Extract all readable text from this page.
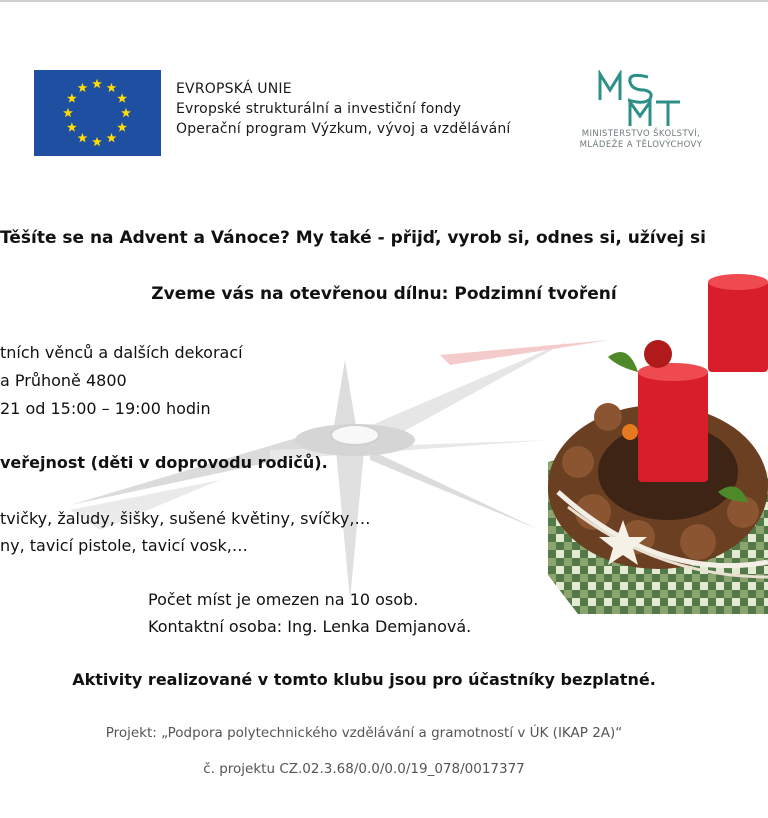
EVROPSKÁ UNIE
Evropské strukturální a investiční fondy
Operační program Výzkum, vývoj a vzdělávání	MINISTERSTVO ŠKOLSTVÍ,
MLÁDEŽE A TĚLOVÝCHOVY
Těšíte se na Advent a Vánoce? My také - přijď, vyrob si, odnes si, užívej si
Zveme vás na otevřenou dílnu: Podzimní tvoření
tních věnců a dalších dekorací
a Průhoně 4800
21 od 15:00 – 19:00 hodin
veřejnost (děti v doprovodu rodičů).
tvičky, žaludy, šišky, sušené květiny, svíčky,…
ny, tavicí pistole, tavicí vosk,…
Počet míst je omezen na 10 osob.
Kontaktní osoba: Ing. Lenka Demjanová.
Aktivity realizované v tomto klubu jsou pro účastníky bezplatné.
Projekt: „Podpora polytechnického vzdělávání a gramotností v ÚK (IKAP 2A)“
č. projektu CZ.02.3.68/0.0/0.0/19_078/0017377
